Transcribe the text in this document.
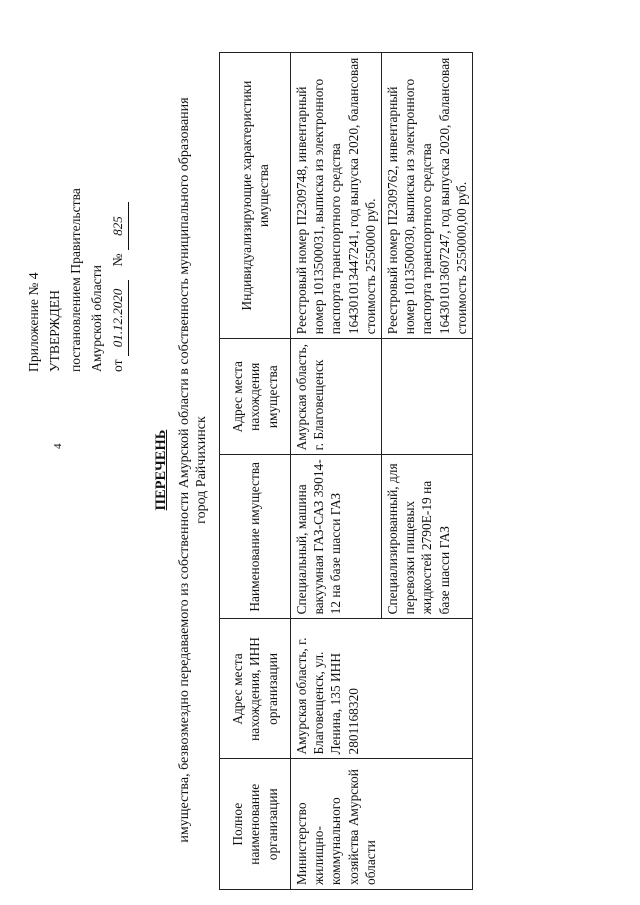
4
Приложение № 4 УТВЕРЖДЕН постановлением Правительства Амурской области от 01.12.2020    № 825
ПЕРЕЧЕНЬ имущества, безвозмездно передаваемого из собственности Амурской области в собственность муниципального образования город Райчихинск
Полное наименование организации	Адрес места нахождения, ИНН организации	Наименование имущества	Адрес места нахождения имущества	Индивидуализирующие характеристики имущества
Министерство жилищно-коммунального хозяйства Амурской области	Амурская область, г. Благовещенск, ул. Ленина, 135 ИНН 2801168320	Специальный, машина вакуумная ГАЗ-САЗ 39014-12 на базе шасси ГАЗ	Амурская область, г. Благовещенск	Реестровый номер П2309748, инвентарный номер 1013500031, выписка из электронного паспорта транспортного средства 164301013447241, год выпуска 2020, балансовая стоимость 2550000 руб.
		Специализированный, для перевозки пищевых жидкостей 2790Е-19 на базе шасси ГАЗ		Реестровый номер П2309762, инвентарный номер 1013500030, выписка из электронного паспорта транспортного средства 164301013607247, год выпуска 2020, балансовая стоимость 2550000,00 руб.
